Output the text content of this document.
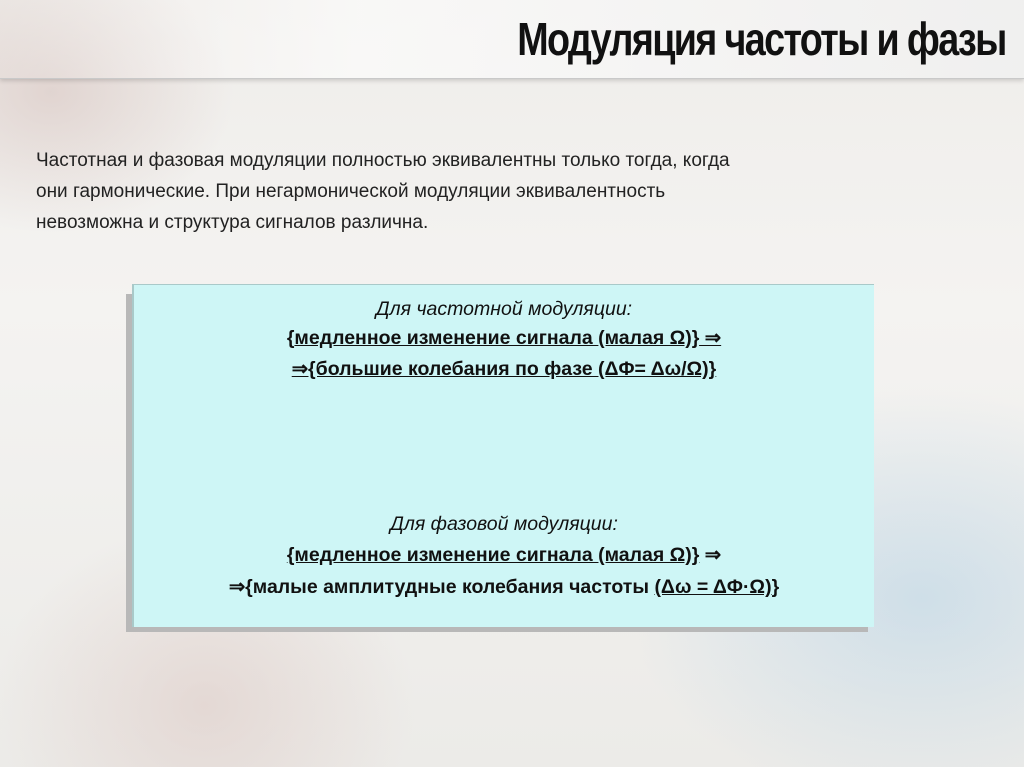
Модуляция частоты и фазы
Частотная и фазовая модуляции полностью эквивалентны только тогда, когда
они гармонические. При негармонической модуляции эквивалентность
невозможна и структура сигналов различна.
Для частотной модуляции:
{медленное изменение сигнала (малая Ω)} ⇒
⇒{большие колебания по фазе (ΔΦ= Δω/Ω)}
Для фазовой модуляции:
{медленное изменение сигнала (малая Ω)} ⇒
⇒{малые амплитудные колебания частоты (Δω = ΔΦ·Ω)}
